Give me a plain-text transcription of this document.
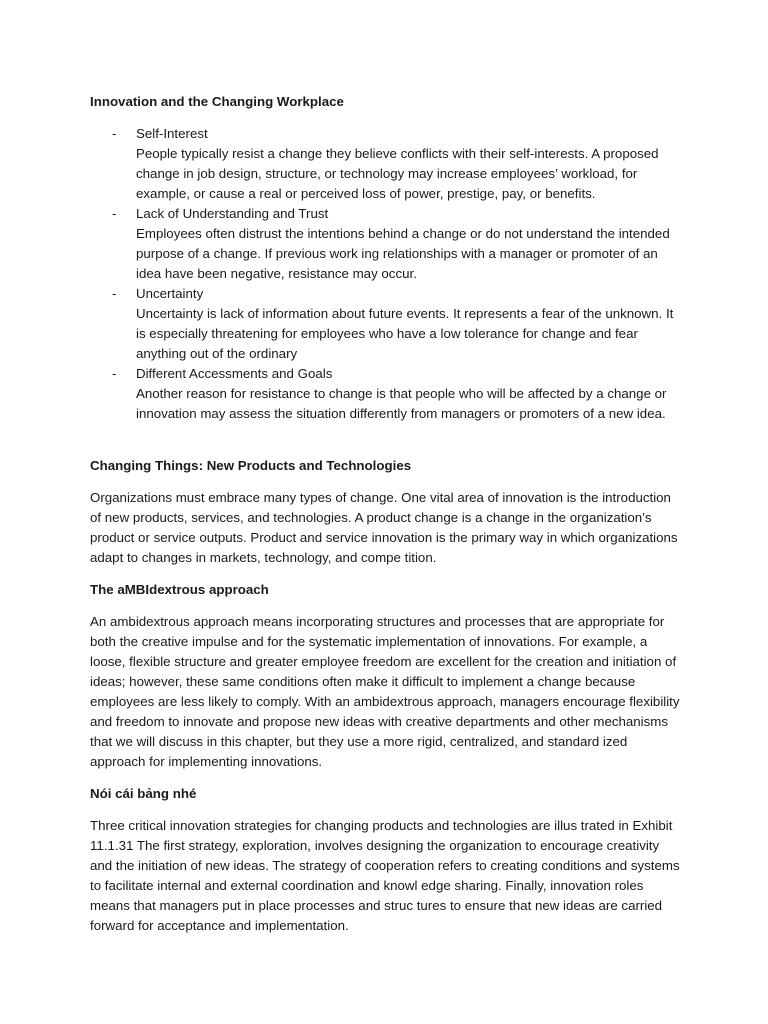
Innovation and the Changing Workplace

- Self-Interest
People typically resist a change they believe conflicts with their self-interests. A proposed change in job design, structure, or technology may increase employees’ workload, for example, or cause a real or perceived loss of power, prestige, pay, or benefits.
- Lack of Understanding and Trust
Employees often distrust the intentions behind a change or do not understand the intended purpose of a change. If previous work ing relationships with a manager or promoter of an idea have been negative, resistance may occur.
- Uncertainty
Uncertainty is lack of information about future events. It represents a fear of the unknown. It is especially threatening for employees who have a low tolerance for change and fear anything out of the ordinary
- Different Accessments and Goals
Another reason for resistance to change is that people who will be affected by a change or innovation may assess the situation differently from managers or promoters of a new idea.

Changing Things: New Products and Technologies

Organizations must embrace many types of change. One vital area of innovation is the introduction of new products, services, and technologies. A product change is a change in the organization’s product or service outputs. Product and service innovation is the primary way in which organizations adapt to changes in markets, technology, and compe tition.

The aMBIdextrous approach

An ambidextrous approach means incorporating structures and processes that are appropriate for both the creative impulse and for the systematic implementation of innovations. For example, a loose, flexible structure and greater employee freedom are excellent for the creation and initiation of ideas; however, these same conditions often make it difficult to implement a change because employees are less likely to comply. With an ambidextrous approach, managers encourage flexibility and freedom to innovate and propose new ideas with creative departments and other mechanisms that we will discuss in this chapter, but they use a more rigid, centralized, and standard ized approach for implementing innovations.

Nói cái bảng nhé

Three critical innovation strategies for changing products and technologies are illus trated in Exhibit 11.1.31 The first strategy, exploration, involves designing the organization to encourage creativity and the initiation of new ideas. The strategy of cooperation refers to creating conditions and systems to facilitate internal and external coordination and knowl edge sharing. Finally, innovation roles means that managers put in place processes and struc tures to ensure that new ideas are carried forward for acceptance and implementation.
